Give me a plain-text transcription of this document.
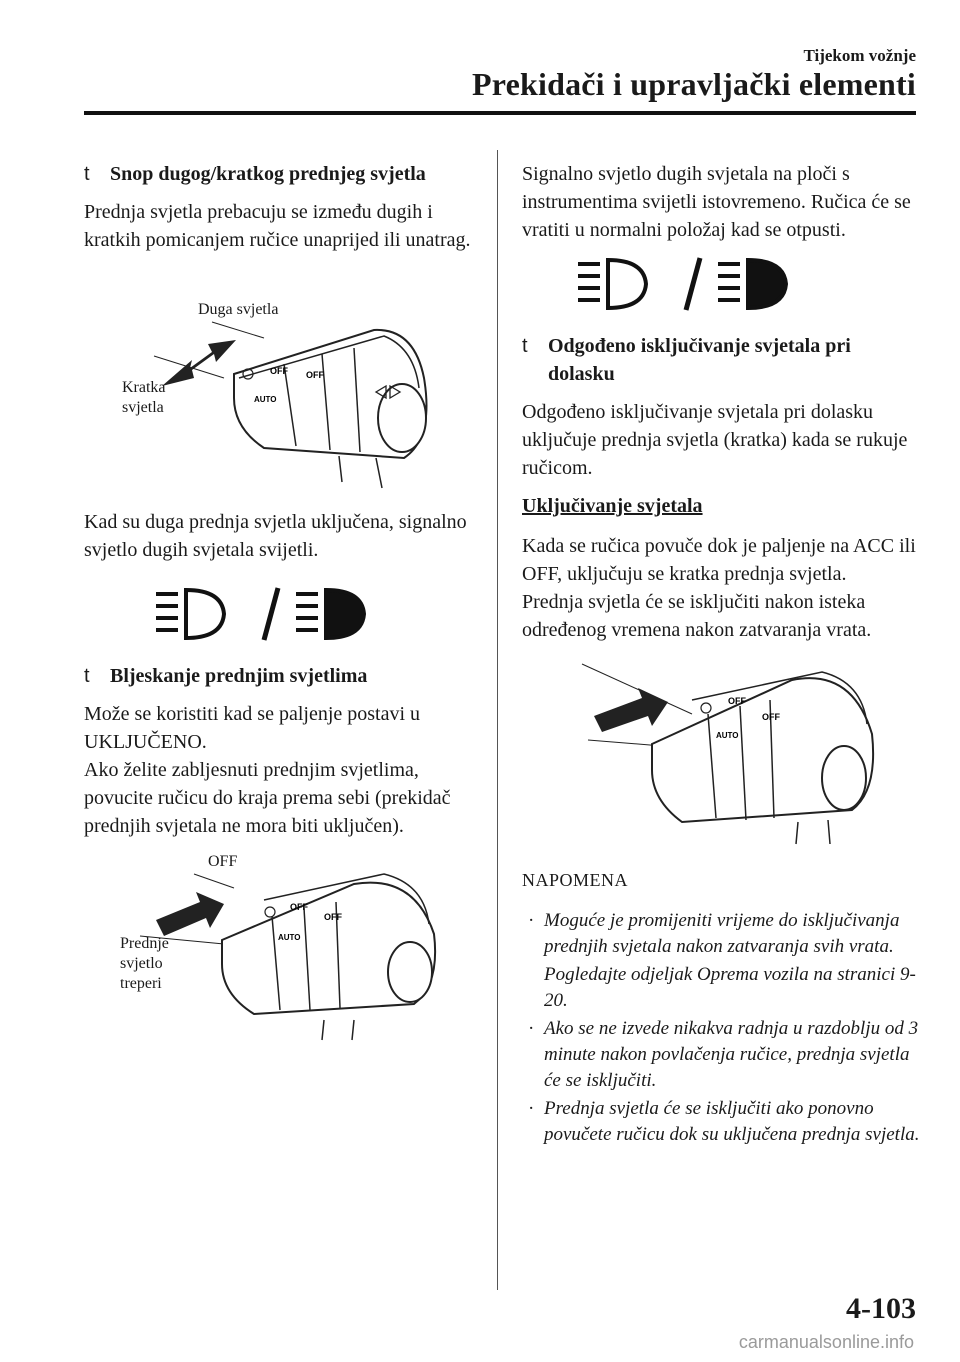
Tijekom vožnje
Prekidači i upravljački elementi
t Snop dugog/kratkog prednjeg svjetla

Prednja svjetla prebacuju se između dugih i kratkih pomicanjem ručice unaprijed ili unatrag.

OFF
AUTO
OFF
Duga svjetla
Kratka
svjetla

Kad su duga prednja svjetla uključena, signalno svjetlo dugih svjetala svijetli.

t Bljeskanje prednjim svjetlima

Može se koristiti kad se paljenje postavi u UKLJUČENO.

Ako želite zabljesnuti prednjim svjetlima, povucite ručicu do kraja prema sebi (prekidač prednjih svjetala ne mora biti uključen).

OFF
AUTO
OFF
OFF
Prednje
svjetlo
treperi

Signalno svjetlo dugih svjetala na ploči s instrumentima svijetli istovremeno. Ručica će se vratiti u normalni položaj kad se otpusti.

t Odgođeno isključivanje svjetala pri dolasku

Odgođeno isključivanje svjetala pri dolasku uključuje prednja svjetla (kratka) kada se rukuje ručicom.

Uključivanje svjetala

Kada se ručica povuče dok je paljenje na ACC ili OFF, uključuju se kratka prednja svjetla.

Prednja svjetla će se isključiti nakon isteka određenog vremena nakon zatvaranja vrata.

OFF
AUTO
OFF
NAPOMENA
· Moguće je promijeniti vrijeme do isključivanja prednjih svjetala nakon zatvaranja svih vrata.
Pogledajte odjeljak Oprema vozila na stranici 9-20.
· Ako se ne izvede nikakva radnja u razdoblju od 3 minute nakon povlačenja ručice, prednja svjetla će se isključiti.
· Prednja svjetla će se isključiti ako ponovno povučete ručicu dok su uključena prednja svjetla.
4-103
carmanualsonline.info
